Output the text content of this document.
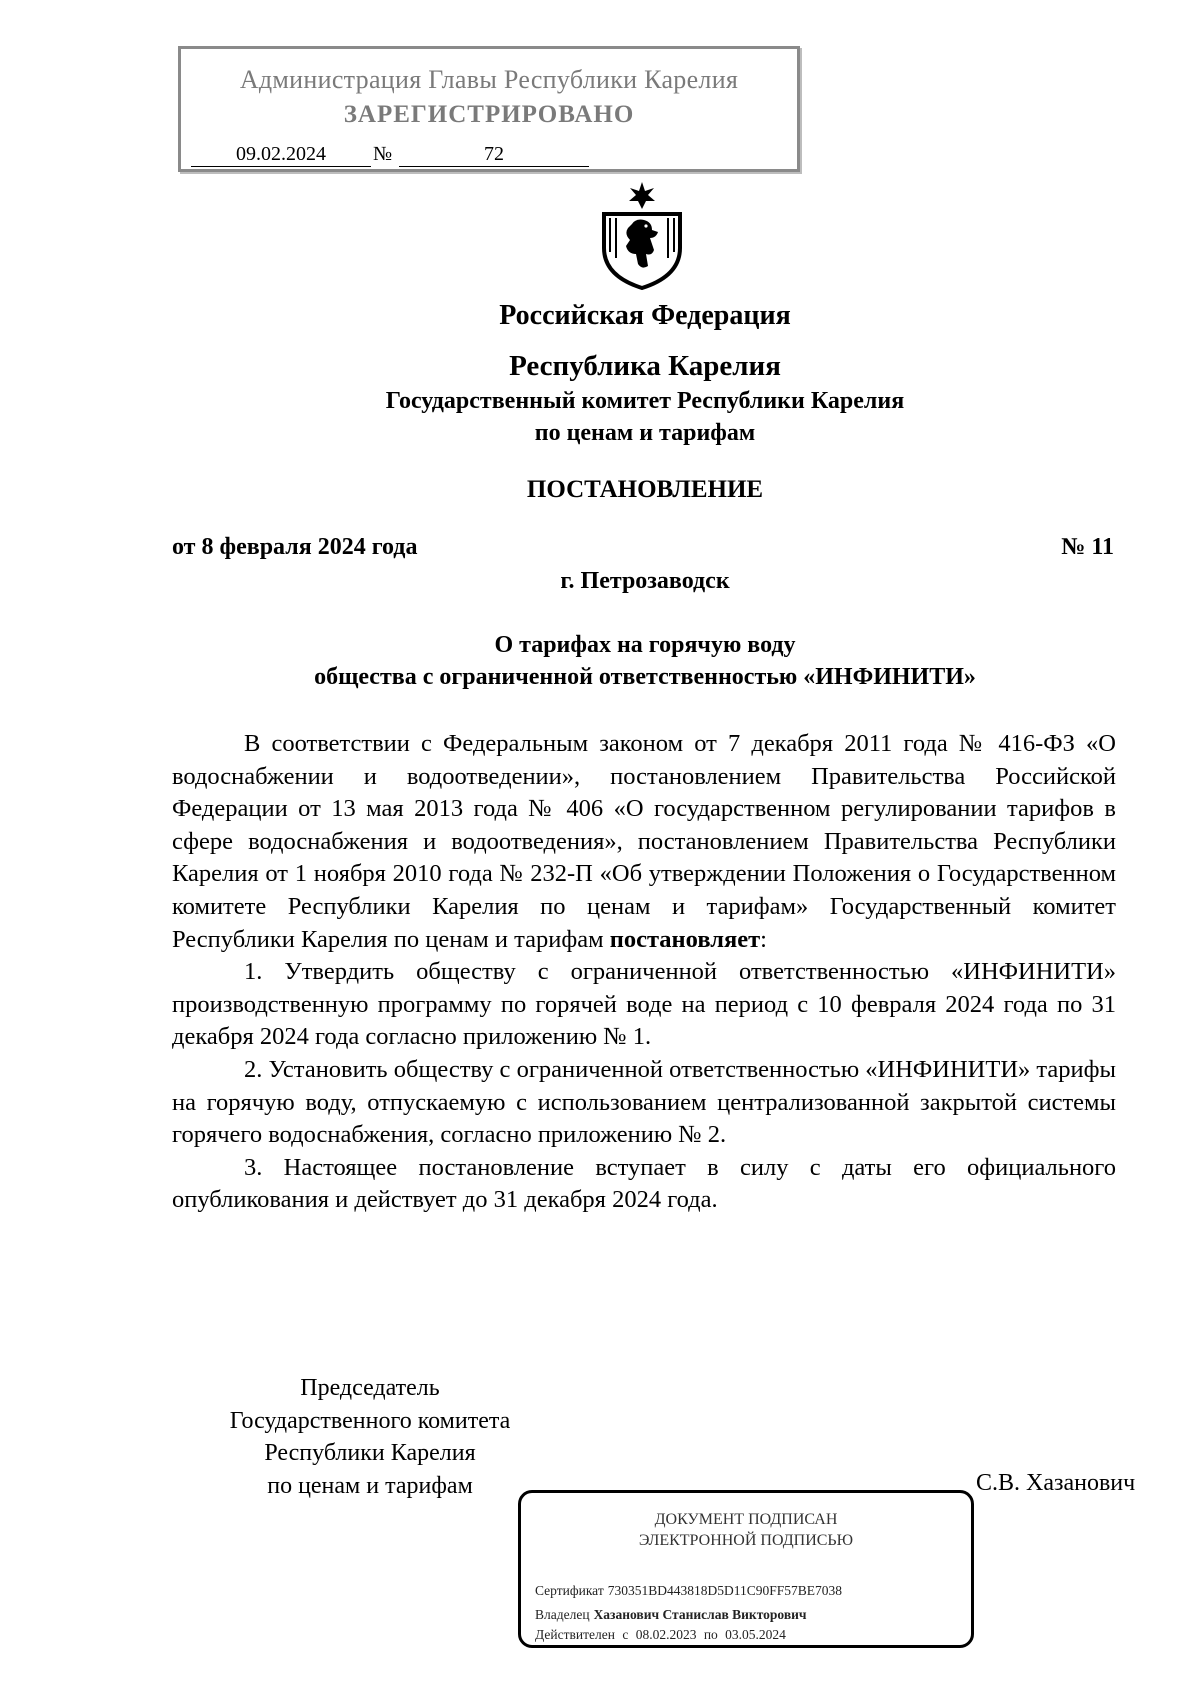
Администрация Главы Республики Карелия
ЗАРЕГИСТРИРОВАНО
09.02.2024	№	72
Российская Федерация
Республика Карелия
Государственный комитет Республики Карелия
по ценам и тарифам
ПОСТАНОВЛЕНИЕ
от 8 февраля 2024 года	№ 11
г. Петрозаводск
О тарифах на горячую воду
общества с ограниченной ответственностью «ИНФИНИТИ»

В соответствии с Федеральным законом от 7 декабря 2011 года № 416-ФЗ «О водоснабжении и водоотведении», постановлением Правительства Российской Федерации от 13 мая 2013 года № 406 «О государственном регулировании тарифов в сфере водоснабжения и водоотведения», постановлением Правительства Республики Карелия от 1 ноября 2010 года № 232-П «Об утверждении Положения о Государственном комитете Республики Карелия по ценам и тарифам» Государственный комитет Республики Карелия по ценам и тарифам постановляет:

1. Утвердить обществу с ограниченной ответственностью «ИНФИНИТИ» производственную программу по горячей воде на период с 10 февраля 2024 года по 31 декабря 2024 года согласно приложению № 1.

2. Установить обществу с ограниченной ответственностью «ИНФИНИТИ» тарифы на горячую воду, отпускаемую с использованием централизованной закрытой системы горячего водоснабжения, согласно приложению № 2.

3. Настоящее постановление вступает в силу с даты его официального опубликования и действует до 31 декабря 2024 года.

Председатель
Государственного комитета
Республики Карелия
по ценам и тарифам	С.В. Хазанович
ДОКУМЕНТ ПОДПИСАН
ЭЛЕКТРОННОЙ ПОДПИСЬЮ
Сертификат 730351BD443818D5D11C90FF57BE7038
Владелец Хазанович Станислав Викторович
Действителен с 08.02.2023 по 03.05.2024
